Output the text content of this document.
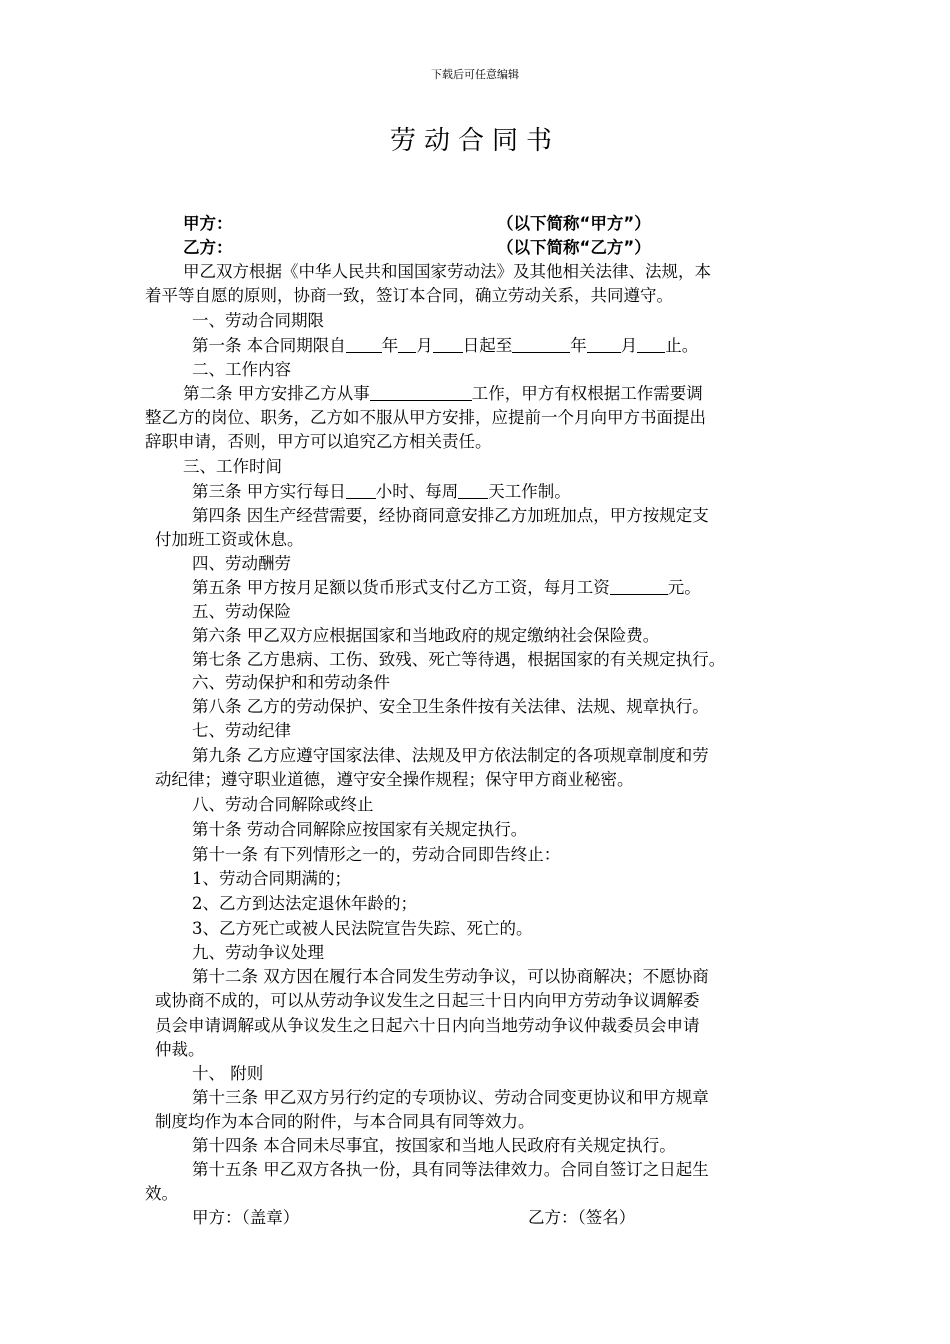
下载后可任意编辑
劳动合同书
甲方：	（以下简称“甲方”）
乙方：	（以下简称“乙方”）
甲乙双方根据《中华人民共和国国家劳动法》及其他相关法律、法规，本
着平等自愿的原则，协商一致，签订本合同，确立劳动关系，共同遵守。
一、劳动合同期限
第一条 本合同期限自 年 月 日起至	年 月 止。
二、工作内容
第二条 甲方安排乙方从事	工作，甲方有权根据工作需要调
整乙方的岗位、职务，乙方如不服从甲方安排，应提前一个月向甲方书面提出
辞职申请，否则，甲方可以追究乙方相关责任。
三、工作时间
第三条 甲方实行每日 小时、每周 天工作制。
第四条 因生产经营需要，经协商同意安排乙方加班加点，甲方按规定支
付加班工资或休息。
四、劳动酬劳
第五条 甲方按月足额以货币形式支付乙方工资，每月工资	元。
五、劳动保险
第六条 甲乙双方应根据国家和当地政府的规定缴纳社会保险费。
第七条 乙方患病、工伤、致残、死亡等待遇，根据国家的有关规定执行。
六、劳动保护和和劳动条件
第八条 乙方的劳动保护、安全卫生条件按有关法律、法规、规章执行。
七、劳动纪律
第九条 乙方应遵守国家法律、法规及甲方依法制定的各项规章制度和劳
动纪律；遵守职业道德，遵守安全操作规程；保守甲方商业秘密。
八、劳动合同解除或终止
第十条 劳动合同解除应按国家有关规定执行。
第十一条 有下列情形之一的，劳动合同即告终止：
1、劳动合同期满的；
2、乙方到达法定退休年龄的；
3、乙方死亡或被人民法院宣告失踪、死亡的。
九、劳动争议处理
第十二条 双方因在履行本合同发生劳动争议，可以协商解决；不愿协商
或协商不成的，可以从劳动争议发生之日起三十日内向甲方劳动争议调解委
员会申请调解或从争议发生之日起六十日内向当地劳动争议仲裁委员会申请
仲裁。
十、 附则
第十三条 甲乙双方另行约定的专项协议、劳动合同变更协议和甲方规章
制度均作为本合同的附件，与本合同具有同等效力。
第十四条 本合同未尽事宜，按国家和当地人民政府有关规定执行。
第十五条 甲乙双方各执一份，具有同等法律效力。合同自签订之日起生
效。
甲方：（盖章）	乙方：（签名）
